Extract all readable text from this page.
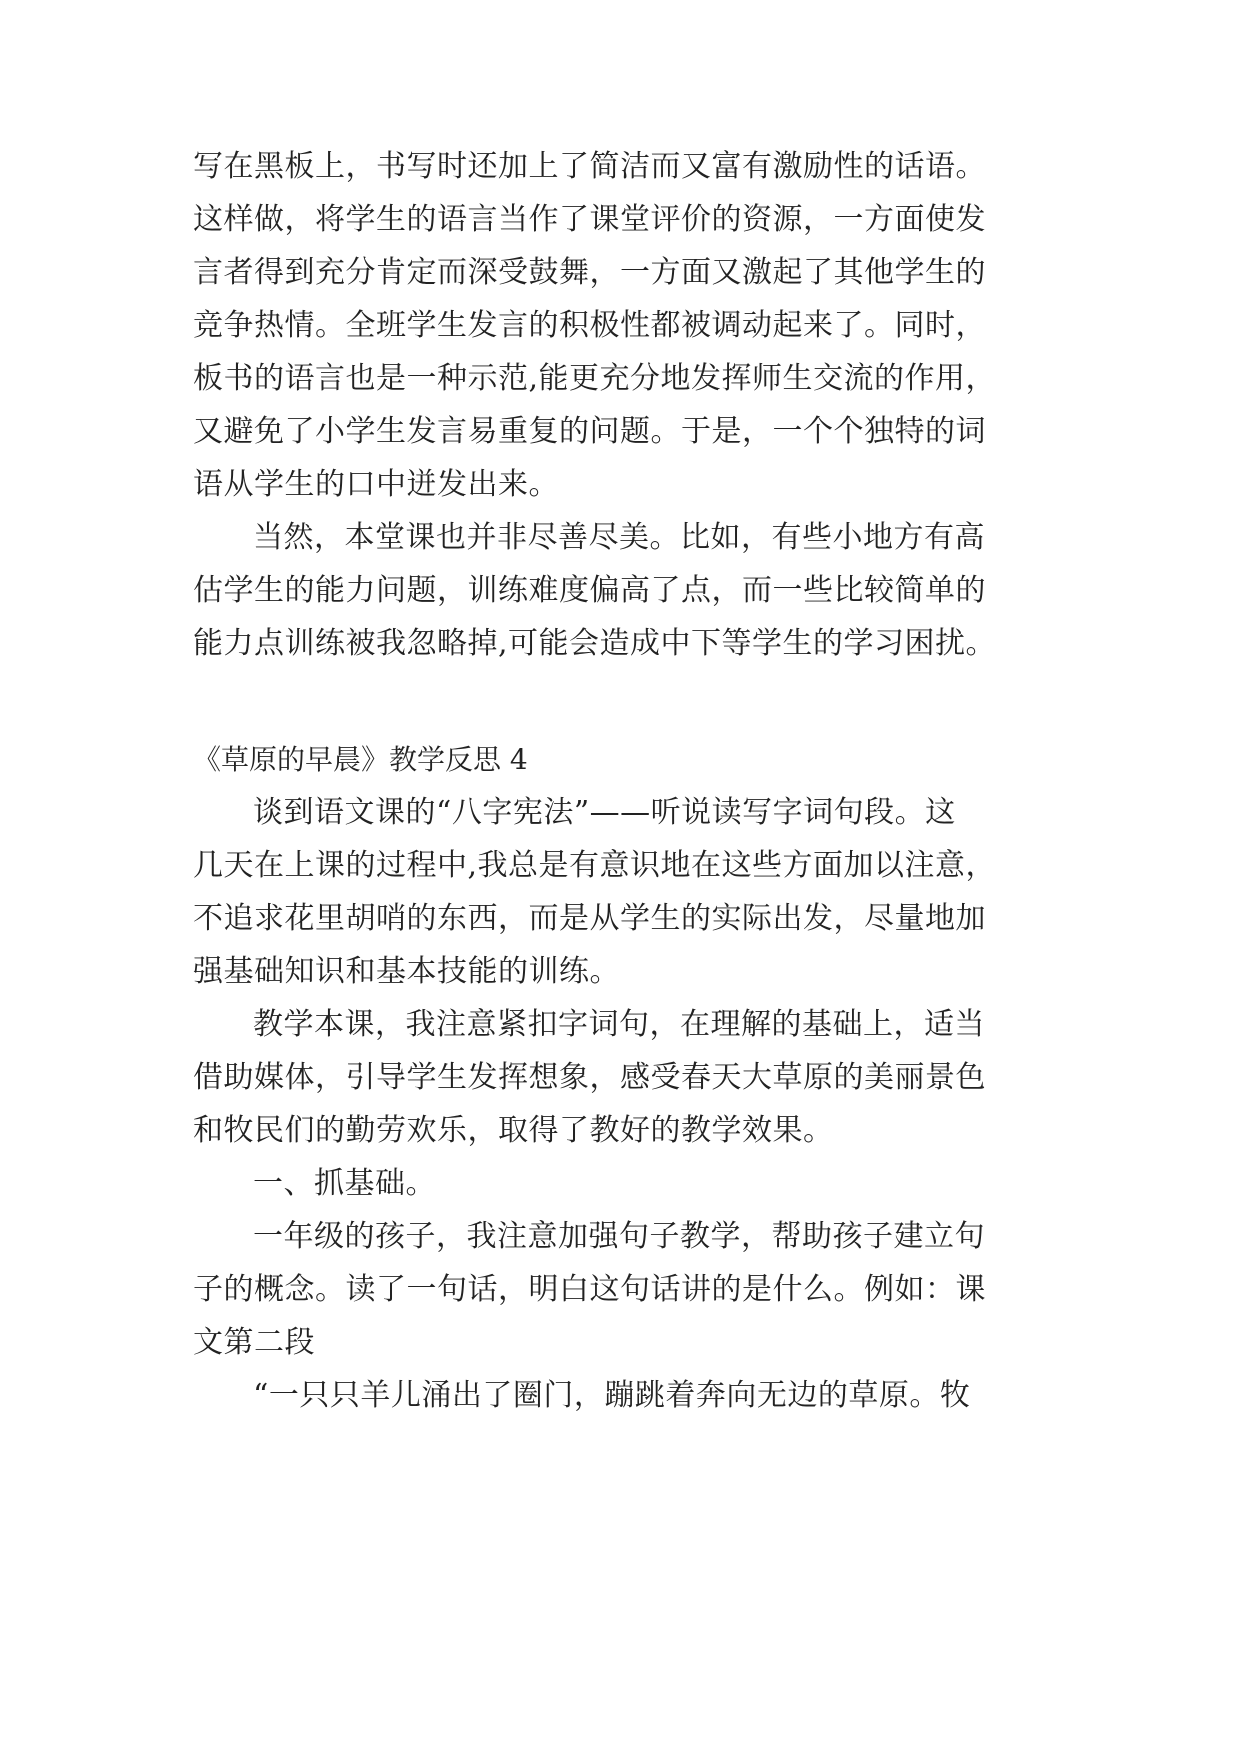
写在黑板上，书写时还加上了简洁而又富有激励性的话语。
这样做，将学生的语言当作了课堂评价的资源，一方面使发
言者得到充分肯定而深受鼓舞，一方面又激起了其他学生的
竞争热情。全班学生发言的积极性都被调动起来了。同时，
板书的语言也是一种示范,能更充分地发挥师生交流的作用，
又避免了小学生发言易重复的问题。于是，一个个独特的词
语从学生的口中迸发出来。
当然，本堂课也并非尽善尽美。比如，有些小地方有高
估学生的能力问题，训练难度偏高了点，而一些比较简单的
能力点训练被我忽略掉,可能会造成中下等学生的学习困扰。
《草原的早晨》教学反思 4
谈到语文课的“八字宪法”——听说读写字词句段。这
几天在上课的过程中,我总是有意识地在这些方面加以注意，
不追求花里胡哨的东西，而是从学生的实际出发，尽量地加
强基础知识和基本技能的训练。
教学本课，我注意紧扣字词句，在理解的基础上，适当
借助媒体，引导学生发挥想象，感受春天大草原的美丽景色
和牧民们的勤劳欢乐，取得了教好的教学效果。
一、抓基础。
一年级的孩子，我注意加强句子教学，帮助孩子建立句
子的概念。读了一句话，明白这句话讲的是什么。例如：课
文第二段
“一只只羊儿涌出了圈门，蹦跳着奔向无边的草原。牧
